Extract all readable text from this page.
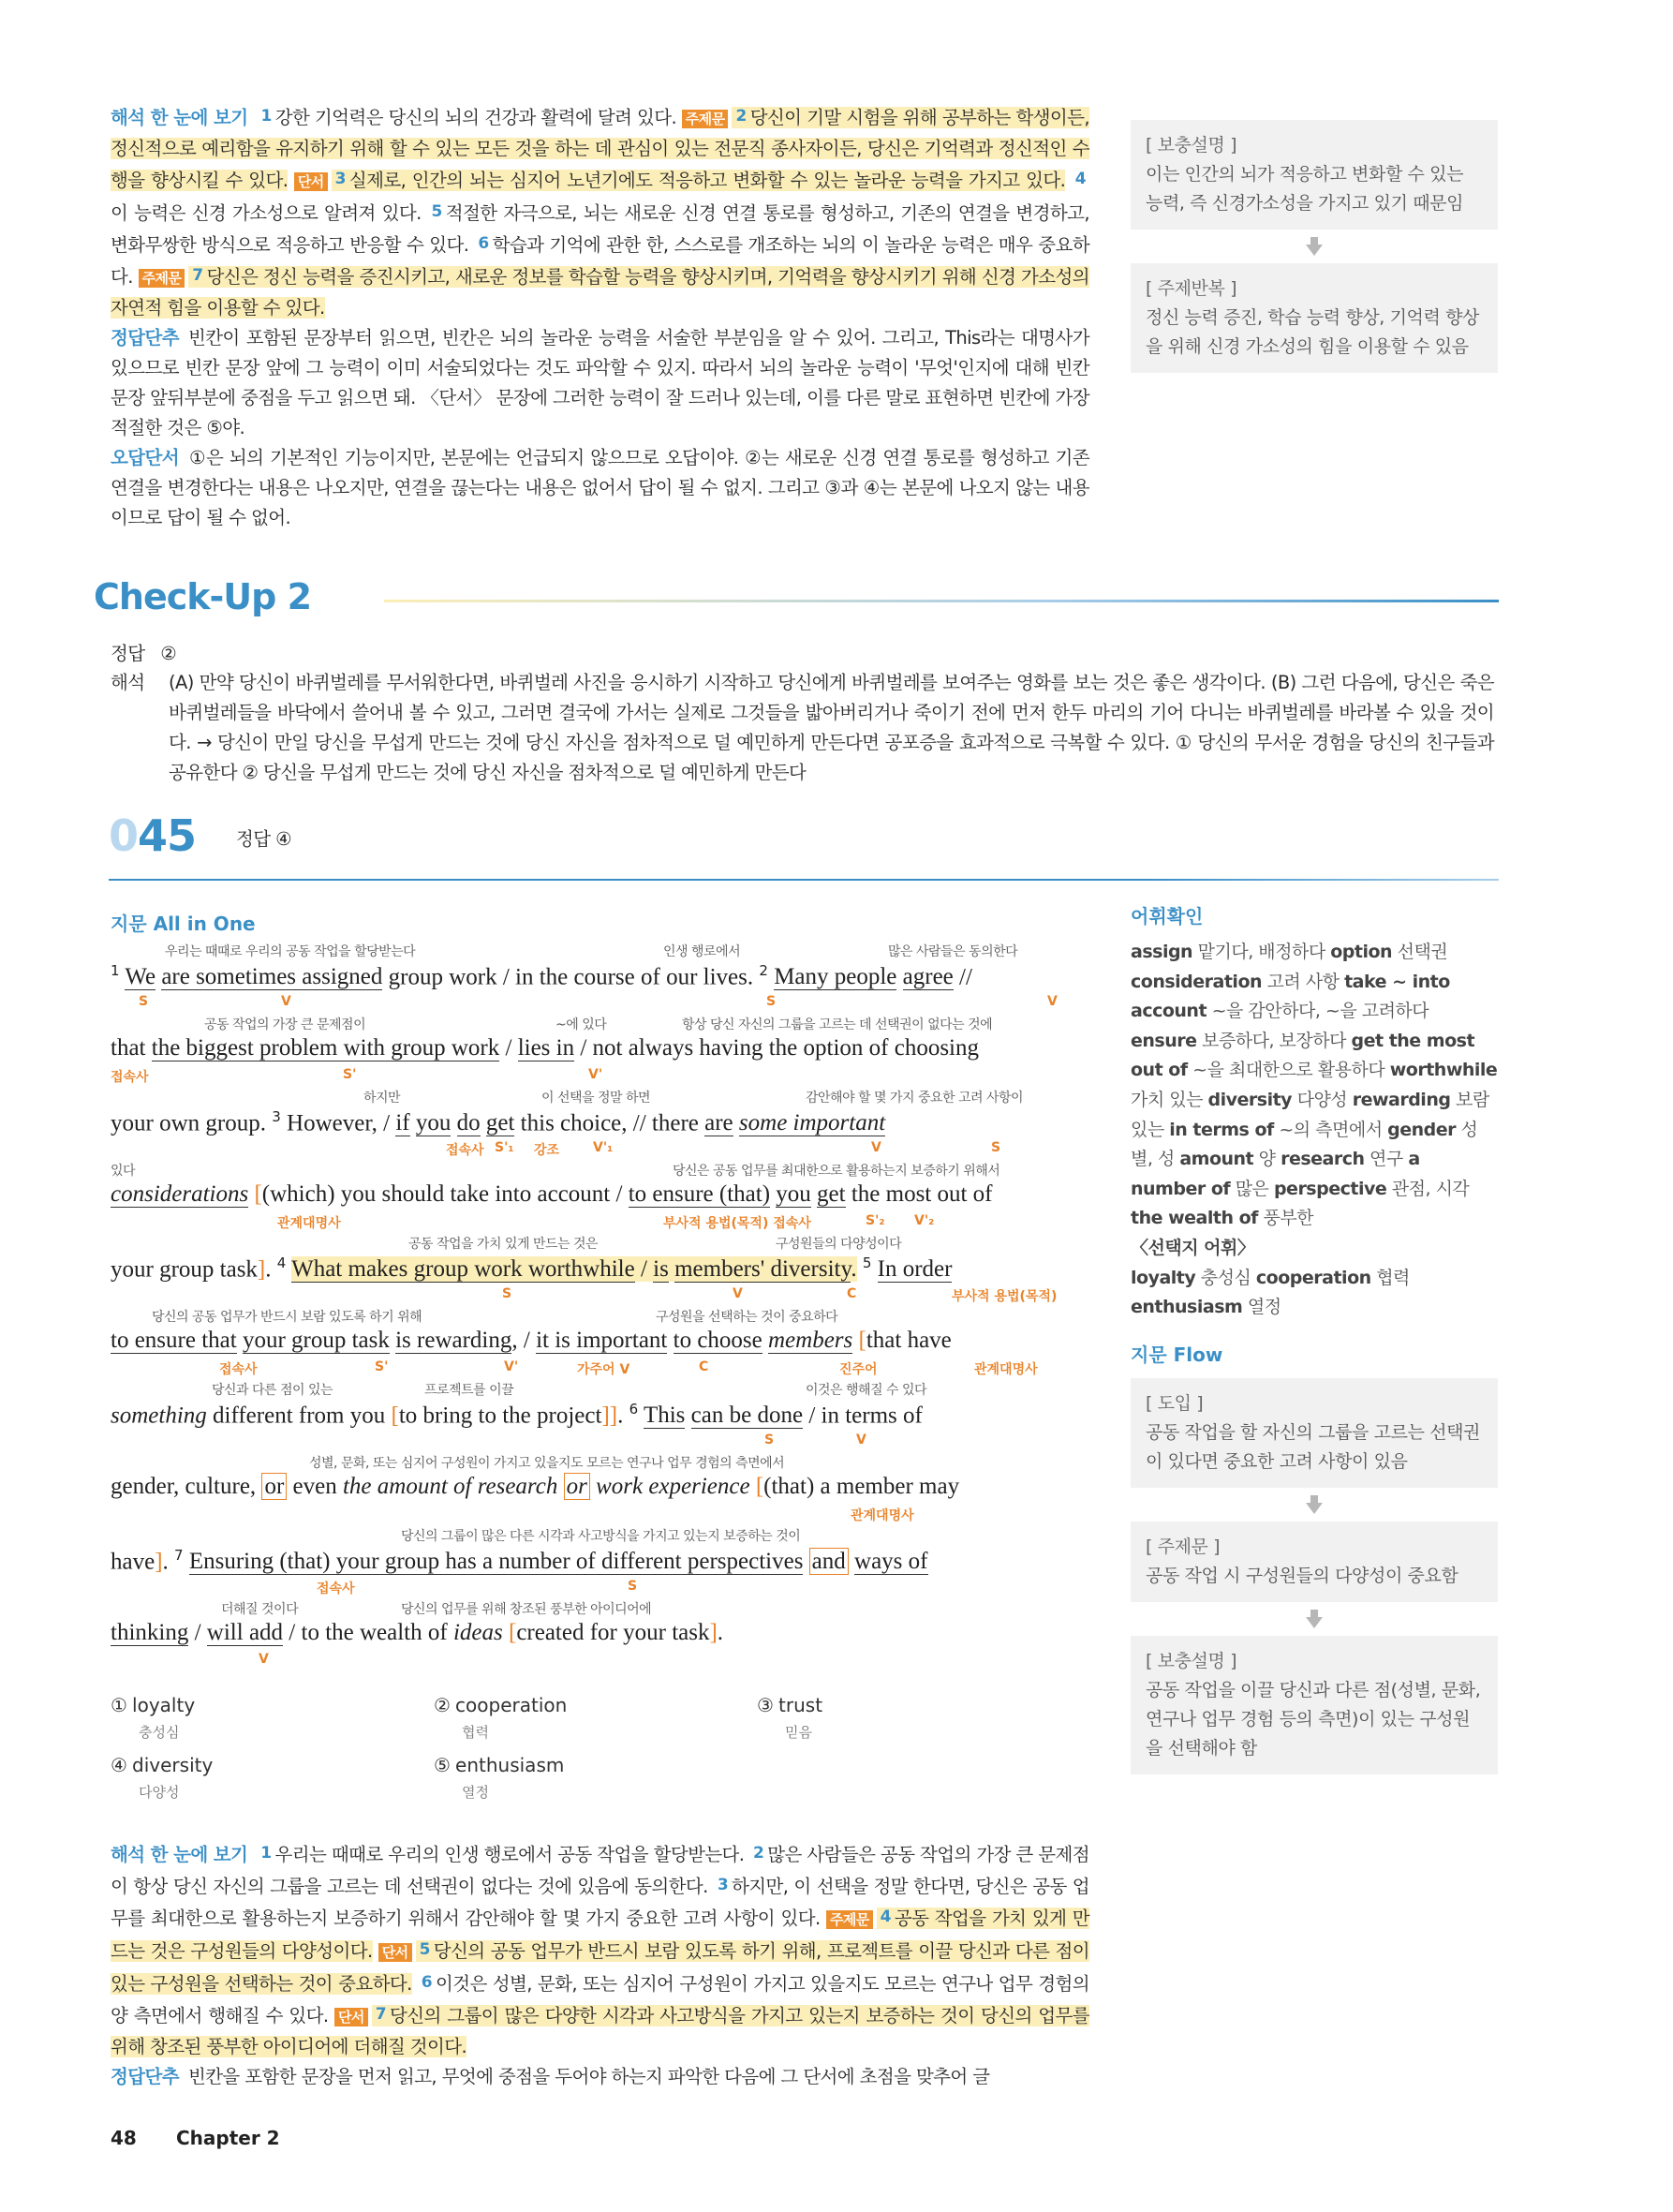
해석 한 눈에 보기 1 강한 기억력은 당신의 뇌의 건강과 활력에 달려 있다. 주제문 2 당신이 기말 시험을 위해 공부하는 학생이든, 정신적으로 예리함을 유지하기 위해 할 수 있는 모든 것을 하는 데 관심이 있는 전문직 종사자이든, 당신은 기억력과 정신적인 수행을 향상시킬 수 있다. 단서 3 실제로, 인간의 뇌는 심지어 노년기에도 적응하고 변화할 수 있는 놀라운 능력을 가지고 있다. 4이 능력은 신경 가소성으로 알려져 있다. 5 적절한 자극으로, 뇌는 새로운 신경 연결 통로를 형성하고, 기존의 연결을 변경하고, 변화무쌍한 방식으로 적응하고 반응할 수 있다. 6 학습과 기억에 관한 한, 스스로를 개조하는 뇌의 이 놀라운 능력은 매우 중요하다. 주제문 7 당신은 정신 능력을 증진시키고, 새로운 정보를 학습할 능력을 향상시키며, 기억력을 향상시키기 위해 신경 가소성의 자연적 힘을 이용할 수 있다.
정답단추 빈칸이 포함된 문장부터 읽으면, 빈칸은 뇌의 놀라운 능력을 서술한 부분임을 알 수 있어. 그리고, This라는 대명사가 있으므로 빈칸 문장 앞에 그 능력이 이미 서술되었다는 것도 파악할 수 있지. 따라서 뇌의 놀라운 능력이 '무엇'인지에 대해 빈칸 문장 앞뒤부분에 중점을 두고 읽으면 돼. 〈단서〉 문장에 그러한 능력이 잘 드러나 있는데, 이를 다른 말로 표현하면 빈칸에 가장 적절한 것은 ⑤야.
오답단서 ①은 뇌의 기본적인 기능이지만, 본문에는 언급되지 않으므로 오답이야. ②는 새로운 신경 연결 통로를 형성하고 기존 연결을 변경한다는 내용은 나오지만, 연결을 끊는다는 내용은 없어서 답이 될 수 없지. 그리고 ③과 ④는 본문에 나오지 않는 내용이므로 답이 될 수 없어.
[ 보충설명 ]
이는 인간의 뇌가 적응하고 변화할 수 있는 능력, 즉 신경가소성을 가지고 있기 때문임
[ 주제반복 ]
정신 능력 증진, 학습 능력 향상, 기억력 향상을 위해 신경 가소성의 힘을 이용할 수 있음
Check-Up 2
정답 ②
해석 (A) 만약 당신이 바퀴벌레를 무서워한다면, 바퀴벌레 사진을 응시하기 시작하고 당신에게 바퀴벌레를 보여주는 영화를 보는 것은 좋은 생각이다. (B) 그런 다음에, 당신은 죽은 바퀴벌레들을 바닥에서 쓸어내 볼 수 있고, 그러면 결국에 가서는 실제로 그것들을 밟아버리거나 죽이기 전에 먼저 한두 마리의 기어 다니는 바퀴벌레를 바라볼 수 있을 것이다. → 당신이 만일 당신을 무섭게 만드는 것에 당신 자신을 점차적으로 덜 예민하게 만든다면 공포증을 효과적으로 극복할 수 있다. ① 당신의 무서운 경험을 당신의 친구들과 공유한다 ② 당신을 무섭게 만드는 것에 당신 자신을 점차적으로 덜 예민하게 만든다
045 정답 ④
지문 All in One
$^1$ We are sometimes assigned group work / in the course of our lives. $^2$ Many people agree //
우리는 때때로 우리의 공동 작업을 할당받는다	인생 행로에서	많은 사람들은 동의한다
S	V	S	V
that the biggest problem with group work / lies in / not always having the option of choosing
공동 작업의 가장 큰 문제점이	~에 있다	항상 당신 자신의 그룹을 고르는 데 선택권이 없다는 것에
접속사	S'	V'
your own group. $^3$ However, / if you do get this choice, // there are some important
하지만	이 선택을 정말 하면	감안해야 할 몇 가지 중요한 고려 사항이
접속사 S'₁ 강조	V'₁	V	S
considerations [(which) you should take into account / to ensure (that) you get the most out of
있다	당신은 공동 업무를 최대한으로 활용하는지 보증하기 위해서
관계대명사	부사적 용법(목적) 접속사	S'₂ V'₂
your group task]. $^4$ What makes group work worthwhile / is members' diversity. $^5$ In order
공동 작업을 가치 있게 만드는 것은	구성원들의 다양성이다
S	V	C	부사적 용법(목적)
to ensure that your group task is rewarding, / it is important to choose members [that have
당신의 공동 업무가 반드시 보람 있도록 하기 위해	구성원을 선택하는 것이 중요하다
접속사	S'	V'	가주어 V	C	진주어	관계대명사
something different from you [to bring to the project]]. $^6$ This can be done / in terms of
당신과 다른 점이 있는	프로젝트를 이끌	이것은 행해질 수 있다
S	V
gender, culture, or even the amount of research or work experience [(that) a member may
성별, 문화, 또는 심지어 구성원이 가지고 있을지도 모르는 연구나 업무 경험의 측면에서
관계대명사
have]. $^7$ Ensuring (that) your group has a number of different perspectives and ways of
당신의 그룹이 많은 다른 시각과 사고방식을 가지고 있는지 보증하는 것이
접속사	S
thinking / will add / to the wealth of ideas [created for your task].
더해질 것이다	당신의 업무를 위해 창조된 풍부한 아이디어에
V
① loyalty
충성심
② cooperation
협력
③ trust
믿음
④ diversity
다양성
⑤ enthusiasm
열정
어휘확인
assign 맡기다, 배정하다 option 선택권 consideration 고려 사항 take ~ into account ~을 감안하다, ~을 고려하다 ensure 보증하다, 보장하다 get the most out of ~을 최대한으로 활용하다 worthwhile 가치 있는 diversity 다양성 rewarding 보람 있는 in terms of ~의 측면에서 gender 성별, 성 amount 양 research 연구 a number of 많은 perspective 관점, 시각 the wealth of 풍부한
〈선택지 어휘〉
loyalty 충성심 cooperation 협력 enthusiasm 열정
지문 Flow
[ 도입 ]
공동 작업을 할 자신의 그룹을 고르는 선택권이 있다면 중요한 고려 사항이 있음
[ 주제문 ]
공동 작업 시 구성원들의 다양성이 중요함
[ 보충설명 ]
공동 작업을 이끌 당신과 다른 점(성별, 문화, 연구나 업무 경험 등의 측면)이 있는 구성원을 선택해야 함
해석 한 눈에 보기 1 우리는 때때로 우리의 인생 행로에서 공동 작업을 할당받는다. 2 많은 사람들은 공동 작업의 가장 큰 문제점이 항상 당신 자신의 그룹을 고르는 데 선택권이 없다는 것에 있음에 동의한다. 3 하지만, 이 선택을 정말 한다면, 당신은 공동 업무를 최대한으로 활용하는지 보증하기 위해서 감안해야 할 몇 가지 중요한 고려 사항이 있다. 주제문 4 공동 작업을 가치 있게 만드는 것은 구성원들의 다양성이다. 단서 5 당신의 공동 업무가 반드시 보람 있도록 하기 위해, 프로젝트를 이끌 당신과 다른 점이 있는 구성원을 선택하는 것이 중요하다. 6 이것은 성별, 문화, 또는 심지어 구성원이 가지고 있을지도 모르는 연구나 업무 경험의 양 측면에서 행해질 수 있다. 단서 7 당신의 그룹이 많은 다양한 시각과 사고방식을 가지고 있는지 보증하는 것이 당신의 업무를 위해 창조된 풍부한 아이디어에 더해질 것이다.
정답단추 빈칸을 포함한 문장을 먼저 읽고, 무엇에 중점을 두어야 하는지 파악한 다음에 그 단서에 초점을 맞추어 글
48 Chapter 2
